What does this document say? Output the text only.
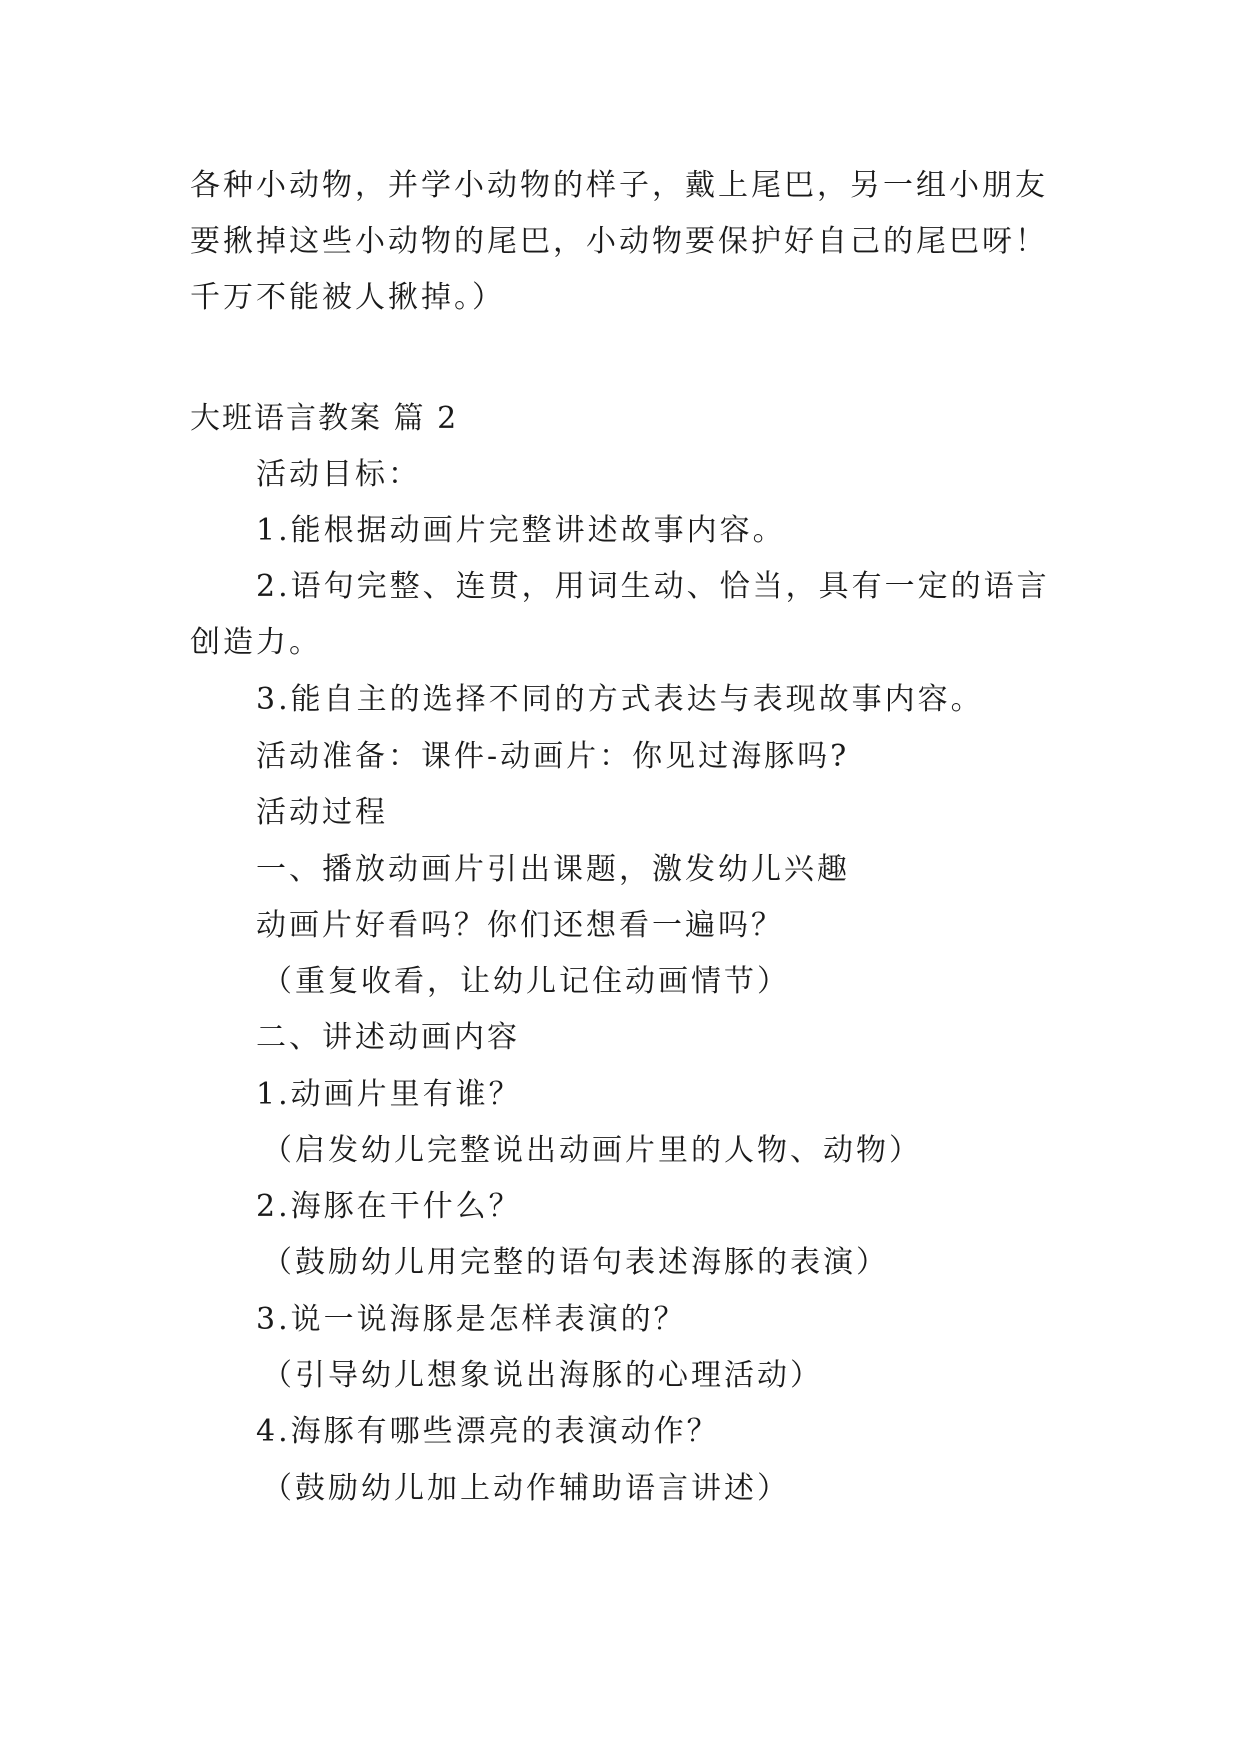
各种小动物，并学小动物的样子，戴上尾巴，另一组小朋友
要揪掉这些小动物的尾巴，小动物要保护好自己的尾巴呀！
千万不能被人揪掉。）
大班语言教案 篇 2
活动目标：
1.能根据动画片完整讲述故事内容。
2.语句完整、连贯，用词生动、恰当，具有一定的语言
创造力。
3.能自主的选择不同的方式表达与表现故事内容。
活动准备：课件-动画片：你见过海豚吗?
活动过程
一、播放动画片引出课题，激发幼儿兴趣
动画片好看吗？你们还想看一遍吗？
（重复收看，让幼儿记住动画情节）
二、讲述动画内容
1.动画片里有谁？
（启发幼儿完整说出动画片里的人物、动物）
2.海豚在干什么？
（鼓励幼儿用完整的语句表述海豚的表演）
3.说一说海豚是怎样表演的？
（引导幼儿想象说出海豚的心理活动）
4.海豚有哪些漂亮的表演动作？
（鼓励幼儿加上动作辅助语言讲述）
